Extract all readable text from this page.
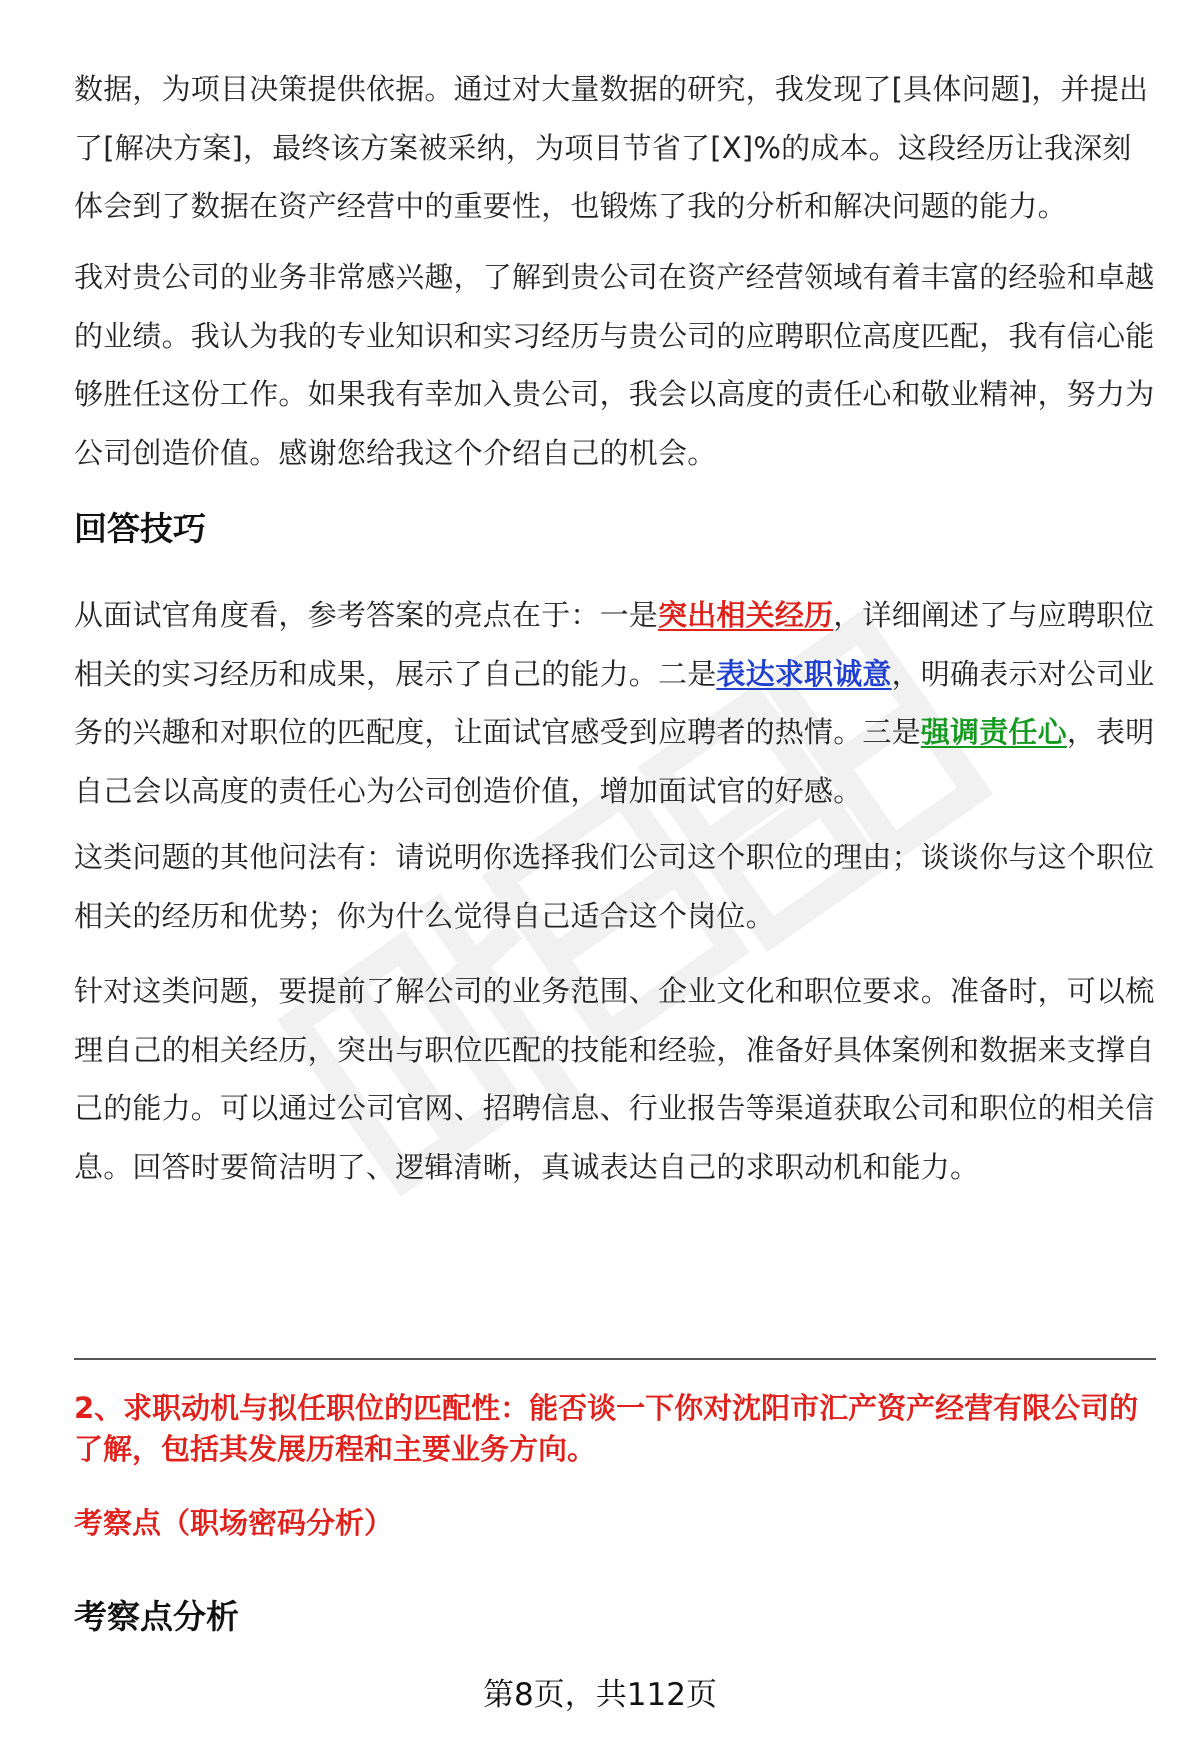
数据，为项目决策提供依据。通过对大量数据的研究，我发现了[具体问题]，并提出了[解决方案]，最终该方案被采纳，为项目节省了[X]%的成本。这段经历让我深刻体会到了数据在资产经营中的重要性，也锻炼了我的分析和解决问题的能力。

我对贵公司的业务非常感兴趣，了解到贵公司在资产经营领域有着丰富的经验和卓越的业绩。我认为我的专业知识和实习经历与贵公司的应聘职位高度匹配，我有信心能够胜任这份工作。如果我有幸加入贵公司，我会以高度的责任心和敬业精神，努力为公司创造价值。感谢您给我这个介绍自己的机会。

回答技巧

从面试官角度看，参考答案的亮点在于：一是突出相关经历，详细阐述了与应聘职位相关的实习经历和成果，展示了自己的能力。二是表达求职诚意，明确表示对公司业务的兴趣和对职位的匹配度，让面试官感受到应聘者的热情。三是强调责任心，表明自己会以高度的责任心为公司创造价值，增加面试官的好感。

这类问题的其他问法有：请说明你选择我们公司这个职位的理由；谈谈你与这个职位相关的经历和优势；你为什么觉得自己适合这个岗位。

针对这类问题，要提前了解公司的业务范围、企业文化和职位要求。准备时，可以梳理自己的相关经历，突出与职位匹配的技能和经验，准备好具体案例和数据来支撑自己的能力。可以通过公司官网、招聘信息、行业报告等渠道获取公司和职位的相关信息。回答时要简洁明了、逻辑清晰，真诚表达自己的求职动机和能力。

2、求职动机与拟任职位的匹配性：能否谈一下你对沈阳市汇产资产经营有限公司的了解，包括其发展历程和主要业务方向。

考察点（职场密码分析）

考察点分析
第8页，共112页
